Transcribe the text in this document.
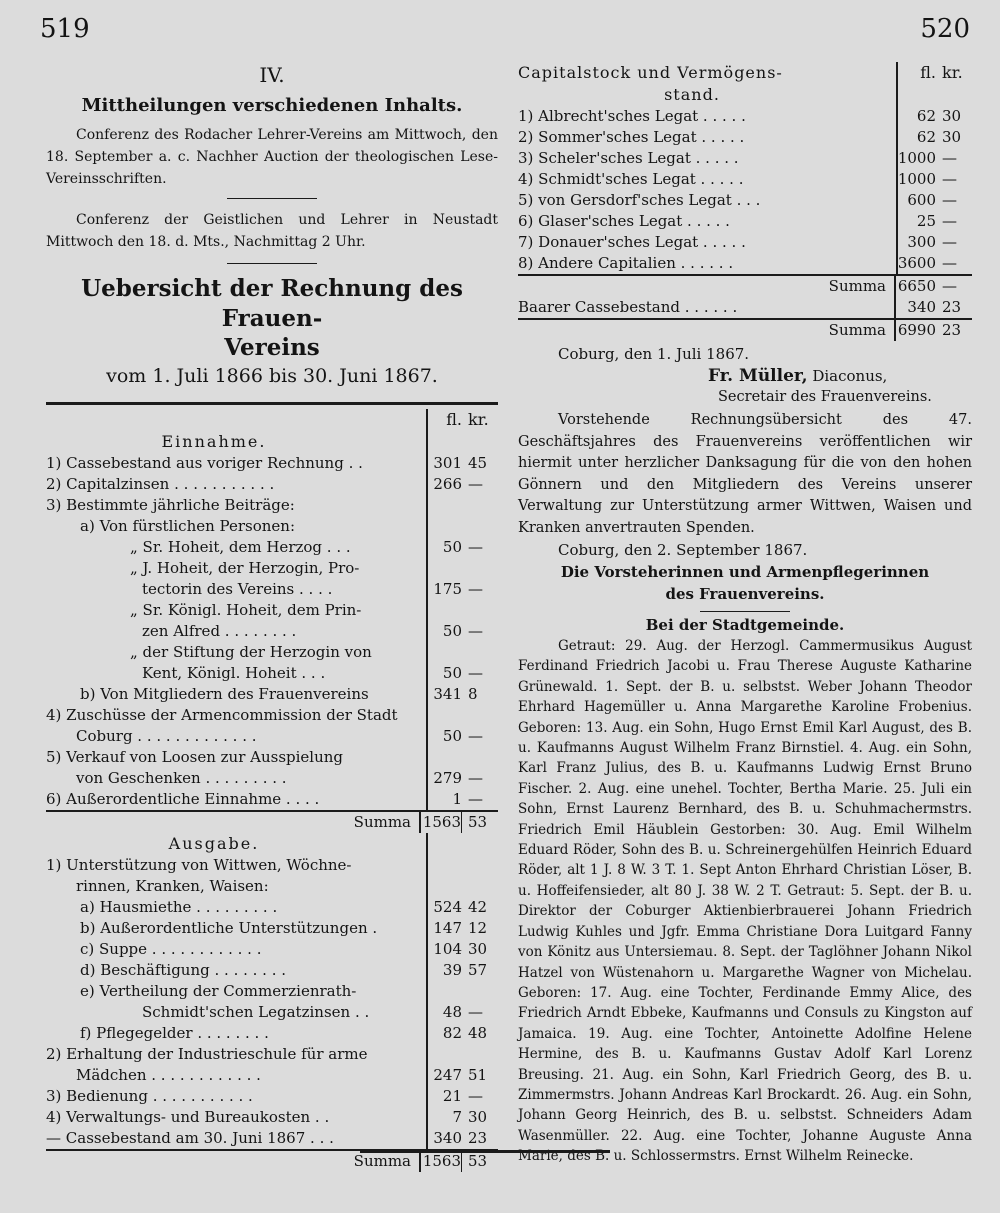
519	520
IV.
Mittheilungen verschiedenen Inhalts.
Conferenz des Rodacher Lehrer-Vereins am Mittwoch, den 18. September a. c. Nachher Auction der theologischen Lese-Vereinsschriften.
Conferenz der Geistlichen und Lehrer in Neustadt Mittwoch den 18. d. Mts., Nachmittag 2 Uhr.
Uebersicht der Rechnung des Frauen-
Vereins
vom 1. Juli 1866 bis 30. Juni 1867.
fl. kr.
Einnahme.
1) Cassebestand aus voriger Rechnung . .	301 45
2) Capitalzinsen . . . . . . . . . . .	266 —
3) Bestimmte jährliche Beiträge:
a) Von fürstlichen Personen:
„ Sr. Hoheit, dem Herzog . . .	50 —
„ J. Hoheit, der Herzogin, Pro-
tectorin des Vereins . . . .	175 —
„ Sr. Königl. Hoheit, dem Prin-
zen Alfred . . . . . . . .	50 —
„ der Stiftung der Herzogin von
Kent, Königl. Hoheit . . .	50 —
b) Von Mitgliedern des Frauenvereins	341 8
4) Zuschüsse der Armencommission der Stadt
Coburg . . . . . . . . . . . . .	50 —
5) Verkauf von Loosen zur Ausspielung
von Geschenken . . . . . . . . .	279 —
6) Außerordentliche Einnahme . . . .	1 —
Summa 1563 53
Ausgabe.
1) Unterstützung von Wittwen, Wöchne-
rinnen, Kranken, Waisen:
a) Hausmiethe . . . . . . . . .	524 42
b) Außerordentliche Unterstützungen .	147 12
c) Suppe . . . . . . . . . . . .	104 30
d) Beschäftigung . . . . . . . .	39 57
e) Vertheilung der Commerzienrath-
Schmidt'schen Legatzinsen . .	48 —
f) Pflegegelder . . . . . . . .	82 48
2) Erhaltung der Industrieschule für arme
Mädchen . . . . . . . . . . . .	247 51
3) Bedienung . . . . . . . . . . .	21 —
4) Verwaltungs- und Bureaukosten . .	7 30
— Cassebestand am 30. Juni 1867 . . .	340 23
Summa 1563 53
Capitalstock und Vermögens-	fl. kr.
stand.
1) Albrecht'sches Legat . . . . .	62 30
2) Sommer'sches Legat . . . . .	62 30
3) Scheler'sches Legat . . . . .	1000 —
4) Schmidt'sches Legat . . . . .	1000 —
5) von Gersdorf'sches Legat . . .	600 —
6) Glaser'sches Legat . . . . .	25 —
7) Donauer'sches Legat . . . . .	300 —
8) Andere Capitalien . . . . . .	3600 —
Summa 6650 —
Baarer Cassebestand . . . . . .	340 23
Summa 6990 23
Coburg, den 1. Juli 1867.
Fr. Müller, Diaconus,
Secretair des Frauenvereins.
Vorstehende Rechnungsübersicht des 47. Geschäftsjahres des Frauenvereins veröffentlichen wir hiermit unter herzlicher Danksagung für die von den hohen Gönnern und den Mitgliedern des Vereins unserer Verwaltung zur Unterstützung armer Wittwen, Waisen und Kranken anvertrauten Spenden.
Coburg, den 2. September 1867.
Die Vorsteherinnen und Armenpflegerinnen
des Frauenvereins.
Bei der Stadtgemeinde.
Getraut: 29. Aug. der Herzogl. Cammermusikus August Ferdinand Friedrich Jacobi u. Frau Therese Auguste Katharine Grünewald. 1. Sept. der B. u. selbstst. Weber Johann Theodor Ehrhard Hagemüller u. Anna Margarethe Karoline Frobenius. Geboren: 13. Aug. ein Sohn, Hugo Ernst Emil Karl August, des B. u. Kaufmanns August Wilhelm Franz Birnstiel. 4. Aug. ein Sohn, Karl Franz Julius, des B. u. Kaufmanns Ludwig Ernst Bruno Fischer. 2. Aug. eine unehel. Tochter, Bertha Marie. 25. Juli ein Sohn, Ernst Laurenz Bernhard, des B. u. Schuhmachermstrs. Friedrich Emil Häublein Gestorben: 30. Aug. Emil Wilhelm Eduard Röder, Sohn des B. u. Schreinergehülfen Heinrich Eduard Röder, alt 1 J. 8 W. 3 T. 1. Sept Anton Ehrhard Christian Löser, B. u. Hoffeifensieder, alt 80 J. 38 W. 2 T. Getraut: 5. Sept. der B. u. Direktor der Coburger Aktienbierbrauerei Johann Friedrich Ludwig Kuhles und Jgfr. Emma Christiane Dora Luitgard Fanny von Könitz aus Untersiemau. 8. Sept. der Taglöhner Johann Nikol Hatzel von Wüstenahorn u. Margarethe Wagner von Michelau. Geboren: 17. Aug. eine Tochter, Ferdinande Emmy Alice, des Friedrich Arndt Ebbeke, Kaufmanns und Consuls zu Kingston auf Jamaica. 19. Aug. eine Tochter, Antoinette Adolfine Helene Hermine, des B. u. Kaufmanns Gustav Adolf Karl Lorenz Breusing. 21. Aug. ein Sohn, Karl Friedrich Georg, des B. u. Zimmermstrs. Johann Andreas Karl Brockardt. 26. Aug. ein Sohn, Johann Georg Heinrich, des B. u. selbstst. Schneiders Adam Wasenmüller. 22. Aug. eine Tochter, Johanne Auguste Anna Marie, des B. u. Schlossermstrs. Ernst Wilhelm Reinecke.
